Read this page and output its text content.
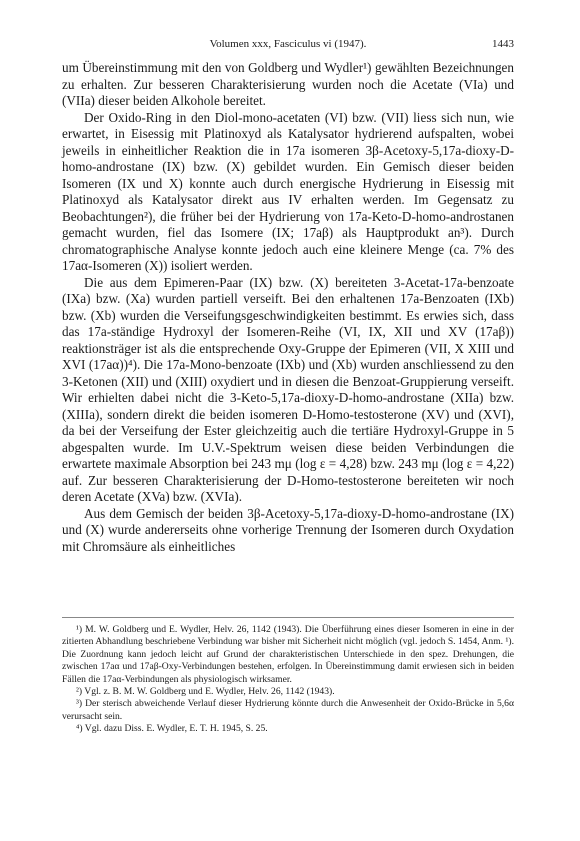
Volumen xxx, Fasciculus vi (1947).	1443

um Übereinstimmung mit den von Goldberg und Wydler¹) gewählten Bezeichnungen zu erhalten. Zur besseren Charakterisierung wurden noch die Acetate (VIa) und (VIIa) dieser beiden Alkohole bereitet.

Der Oxido-Ring in den Diol-mono-acetaten (VI) bzw. (VII) liess sich nun, wie erwartet, in Eisessig mit Platinoxyd als Katalysator hydrierend aufspalten, wobei jeweils in einheitlicher Reaktion die in 17a isomeren 3β-Acetoxy-5,17a-dioxy-D-homo-androstane (IX) bzw. (X) gebildet wurden. Ein Gemisch dieser beiden Isomeren (IX und X) konnte auch durch energische Hydrierung in Eisessig mit Platinoxyd als Katalysator direkt aus IV erhalten werden. Im Gegensatz zu Beobachtungen²), die früher bei der Hydrierung von 17a-Keto-D-homo-androstanen gemacht wurden, fiel das Isomere (IX; 17aβ) als Hauptprodukt an³). Durch chromatographische Analyse konnte jedoch auch eine kleinere Menge (ca. 7% des 17aα-Isomeren (X)) isoliert werden.

Die aus dem Epimeren-Paar (IX) bzw. (X) bereiteten 3-Acetat-17a-benzoate (IXa) bzw. (Xa) wurden partiell verseift. Bei den erhaltenen 17a-Benzoaten (IXb) bzw. (Xb) wurden die Verseifungsgeschwindigkeiten bestimmt. Es erwies sich, dass das 17a-ständige Hydroxyl der Isomeren-Reihe (VI, IX, XII und XV (17aβ)) reaktionsträger ist als die entsprechende Oxy-Gruppe der Epimeren (VII, X XIII und XVI (17aα))⁴). Die 17a-Mono-benzoate (IXb) und (Xb) wurden anschliessend zu den 3-Ketonen (XII) und (XIII) oxydiert und in diesen die Benzoat-Gruppierung verseift. Wir erhielten dabei nicht die 3-Keto-5,17a-dioxy-D-homo-androstane (XIIa) bzw. (XIIIa), sondern direkt die beiden isomeren D-Homo-testosterone (XV) und (XVI), da bei der Verseifung der Ester gleichzeitig auch die tertiäre Hydroxyl-Gruppe in 5 abgespalten wurde. Im U.V.-Spektrum weisen diese beiden Verbindungen die erwartete maximale Absorption bei 243 mμ (log ε = 4,28) bzw. 243 mμ (log ε = 4,22) auf. Zur besseren Charakterisierung der D-Homo-testosterone bereiteten wir noch deren Acetate (XVa) bzw. (XVIa).

Aus dem Gemisch der beiden 3β-Acetoxy-5,17a-dioxy-D-homo-androstane (IX) und (X) wurde andererseits ohne vorherige Trennung der Isomeren durch Oxydation mit Chromsäure als einheitliches

¹) M. W. Goldberg und E. Wydler, Helv. 26, 1142 (1943). Die Überführung eines dieser Isomeren in eine in der zitierten Abhandlung beschriebene Verbindung war bisher mit Sicherheit nicht möglich (vgl. jedoch S. 1454, Anm. ¹). Die Zuordnung kann jedoch leicht auf Grund der charakteristischen Unterschiede in den spez. Drehungen, die zwischen 17aα und 17aβ-Oxy-Verbindungen bestehen, erfolgen. In Übereinstimmung damit erwiesen sich in beiden Fällen die 17aα-Verbindungen als physiologisch wirksamer.

²) Vgl. z. B. M. W. Goldberg und E. Wydler, Helv. 26, 1142 (1943).

³) Der sterisch abweichende Verlauf dieser Hydrierung könnte durch die Anwesenheit der Oxido-Brücke in 5,6α verursacht sein.

⁴) Vgl. dazu Diss. E. Wydler, E. T. H. 1945, S. 25.
